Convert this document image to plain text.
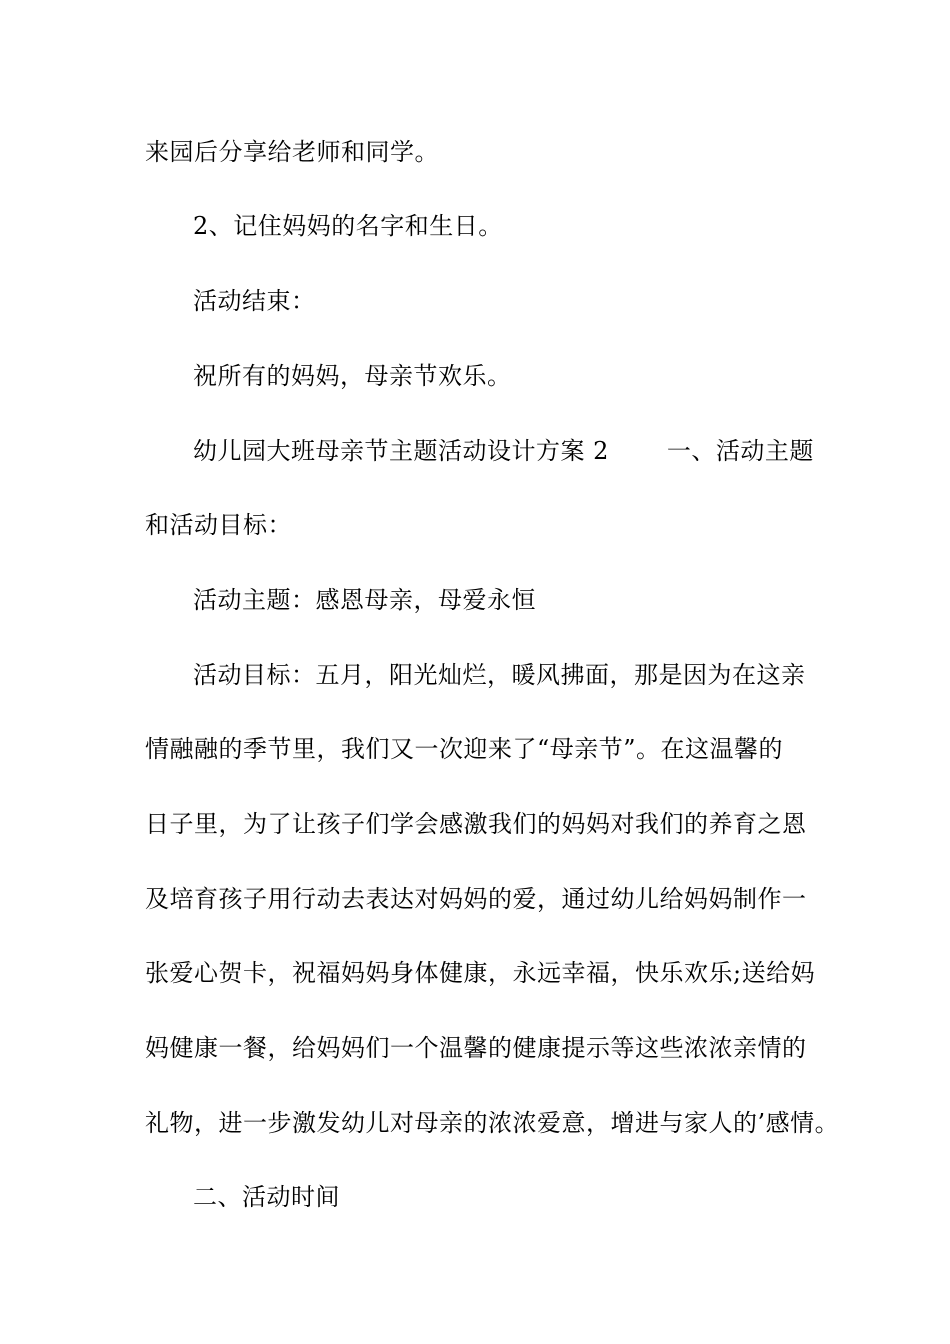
来园后分享给老师和同学。
2、记住妈妈的名字和生日。
活动结束：
祝所有的妈妈，母亲节欢乐。
幼儿园大班母亲节主题活动设计方案 2 一、活动主题
和活动目标：
活动主题：感恩母亲，母爱永恒
活动目标：五月，阳光灿烂，暖风拂面，那是因为在这亲
情融融的季节里，我们又一次迎来了“母亲节”。在这温馨的
日子里，为了让孩子们学会感激我们的妈妈对我们的养育之恩
及培育孩子用行动去表达对妈妈的爱，通过幼儿给妈妈制作一
张爱心贺卡，祝福妈妈身体健康，永远幸福，快乐欢乐;送给妈
妈健康一餐，给妈妈们一个温馨的健康提示等这些浓浓亲情的
礼物，进一步激发幼儿对母亲的浓浓爱意，增进与家人的’感情。
二、活动时间
